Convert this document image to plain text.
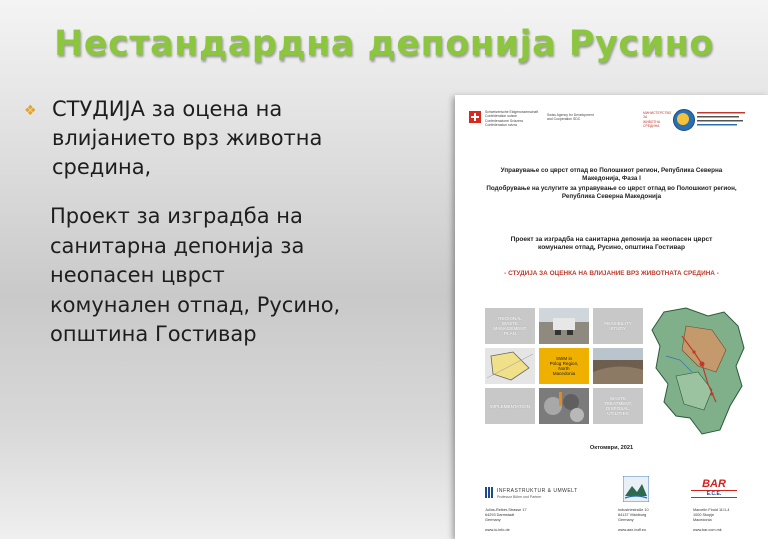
Нестандардна депонија Русино
❖ СТУДИЈА за оцена на
влијанието врз животна
средина,
Проект за изградба на
санитарна депонија за
неопасен цврст
комунален отпад, Русино,
општина Гостивар
Schweizerische Eidgenossenschaft
Confédération suisse
Confederazione Svizzera
Confederaziun svizra
Swiss Agency for Development
and Cooperation SDC
МИНИСТЕРСТВО ЗА
ЖИВОТНА СРЕДИНА
Управување со цврст отпад во Полошкиот регион, Република Северна
Македонија, Фаза I
Подобрување на услугите за управување со цврст отпад во Полошкиот регион,
Република Северна Македонија
Проект за изградба на санитарна депонија за неопасен цврст
комунален отпад, Русино, општина Гостивар
- СТУДИЈА ЗА ОЦЕНКА НА ВЛИЈАНИЕ ВРЗ ЖИВОТНАТА СРЕДИНА -
REGIONAL
WASTE
MANAGEMENT
PLAN
FEASIBILITY
STUDY
SWM in
Polog Region,
North
Macedonia
IMPLEMENTATION
WASTE
TREATMENT,
DISPOSAL,
UTILITIES
Октомври, 2021
INFRASTRUKTUR & UMWELT
Professor Böhm und Partner
Julius-Reiber-Strasse 17
64293 Darmstadt
Germany

www.iu-info.de
Industriestraße 10
84137 Vilsbiburg
Germany

www.awr-buff.eu
BAR
E.C.E.
Marcelin Firoid 11/1-4
1000 Skopje
Macedonia

www.bar.com.mk
